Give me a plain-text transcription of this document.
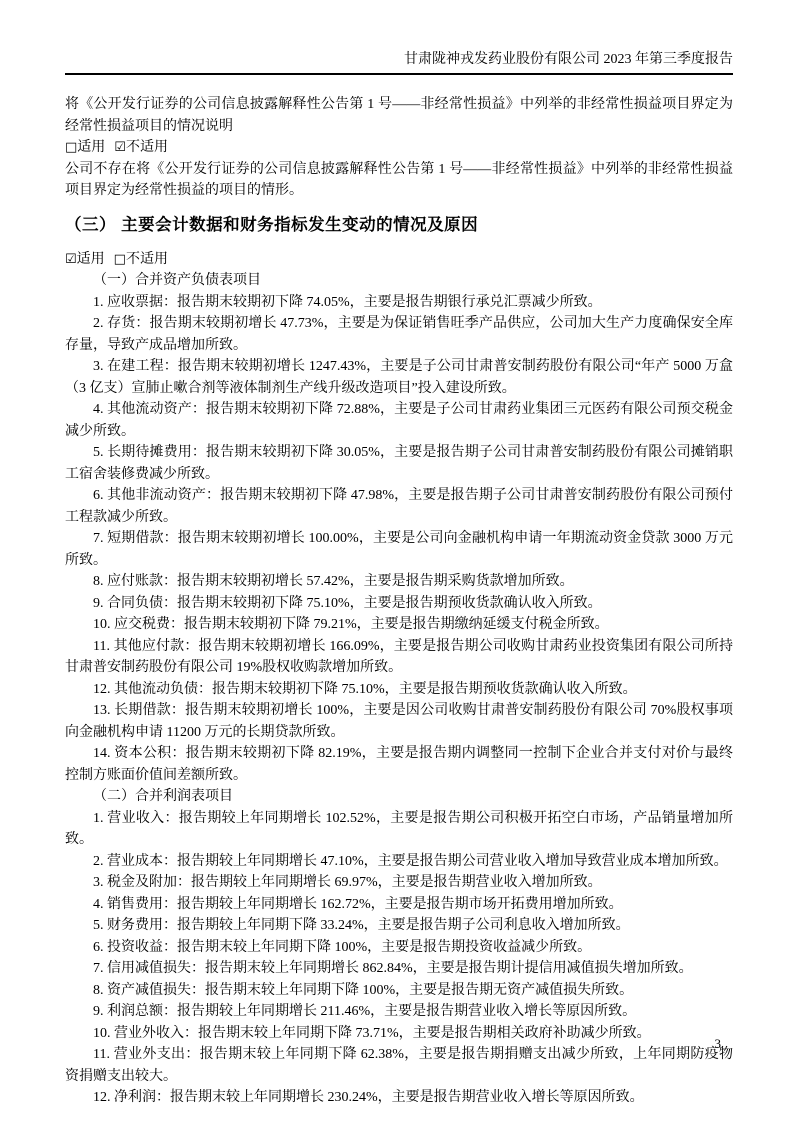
甘肃陇神戎发药业股份有限公司 2023 年第三季度报告

将《公开发行证券的公司信息披露解释性公告第 1 号——非经常性损益》中列举的非经常性损益项目界定为经常性损益项目的情况说明

□适用 ☑不适用

公司不存在将《公开发行证券的公司信息披露解释性公告第 1 号——非经常性损益》中列举的非经常性损益项目界定为经常性损益的项目的情形。

（三） 主要会计数据和财务指标发生变动的情况及原因

☑适用 □不适用

（一）合并资产负债表项目

1. 应收票据：报告期末较期初下降 74.05%，主要是报告期银行承兑汇票减少所致。

2. 存货：报告期末较期初增长 47.73%，主要是为保证销售旺季产品供应，公司加大生产力度确保安全库存量，导致产成品增加所致。

3. 在建工程：报告期末较期初增长 1247.43%，主要是子公司甘肃普安制药股份有限公司“年产 5000 万盒（3 亿支）宣肺止嗽合剂等液体制剂生产线升级改造项目”投入建设所致。

4. 其他流动资产：报告期末较期初下降 72.88%，主要是子公司甘肃药业集团三元医药有限公司预交税金减少所致。

5. 长期待摊费用：报告期末较期初下降 30.05%，主要是报告期子公司甘肃普安制药股份有限公司摊销职工宿舍装修费减少所致。

6. 其他非流动资产：报告期末较期初下降 47.98%，主要是报告期子公司甘肃普安制药股份有限公司预付工程款减少所致。

7. 短期借款：报告期末较期初增长 100.00%，主要是公司向金融机构申请一年期流动资金贷款 3000 万元所致。

8. 应付账款：报告期末较期初增长 57.42%，主要是报告期采购货款增加所致。

9. 合同负债：报告期末较期初下降 75.10%，主要是报告期预收货款确认收入所致。

10. 应交税费：报告期末较期初下降 79.21%，主要是报告期缴纳延缓支付税金所致。

11. 其他应付款：报告期末较期初增长 166.09%，主要是报告期公司收购甘肃药业投资集团有限公司所持甘肃普安制药股份有限公司 19%股权收购款增加所致。

12. 其他流动负债：报告期末较期初下降 75.10%，主要是报告期预收货款确认收入所致。

13. 长期借款：报告期末较期初增长 100%，主要是因公司收购甘肃普安制药股份有限公司 70%股权事项向金融机构申请 11200 万元的长期贷款所致。

14. 资本公积：报告期末较期初下降 82.19%，主要是报告期内调整同一控制下企业合并支付对价与最终控制方账面价值间差额所致。

（二）合并利润表项目

1. 营业收入：报告期较上年同期增长 102.52%，主要是报告期公司积极开拓空白市场，产品销量增加所致。

2. 营业成本：报告期较上年同期增长 47.10%，主要是报告期公司营业收入增加导致营业成本增加所致。

3. 税金及附加：报告期较上年同期增长 69.97%，主要是报告期营业收入增加所致。

4. 销售费用：报告期较上年同期增长 162.72%，主要是报告期市场开拓费用增加所致。

5. 财务费用：报告期较上年同期下降 33.24%，主要是报告期子公司利息收入增加所致。

6. 投资收益：报告期末较上年同期下降 100%，主要是报告期投资收益减少所致。

7. 信用减值损失：报告期末较上年同期增长 862.84%，主要是报告期计提信用减值损失增加所致。

8. 资产减值损失：报告期末较上年同期下降 100%，主要是报告期无资产减值损失所致。

9. 利润总额：报告期较上年同期增长 211.46%，主要是报告期营业收入增长等原因所致。

10. 营业外收入：报告期末较上年同期下降 73.71%，主要是报告期相关政府补助减少所致。

11. 营业外支出：报告期末较上年同期下降 62.38%，主要是报告期捐赠支出减少所致，上年同期防疫物资捐赠支出较大。

12. 净利润：报告期末较上年同期增长 230.24%，主要是报告期营业收入增长等原因所致。

3
